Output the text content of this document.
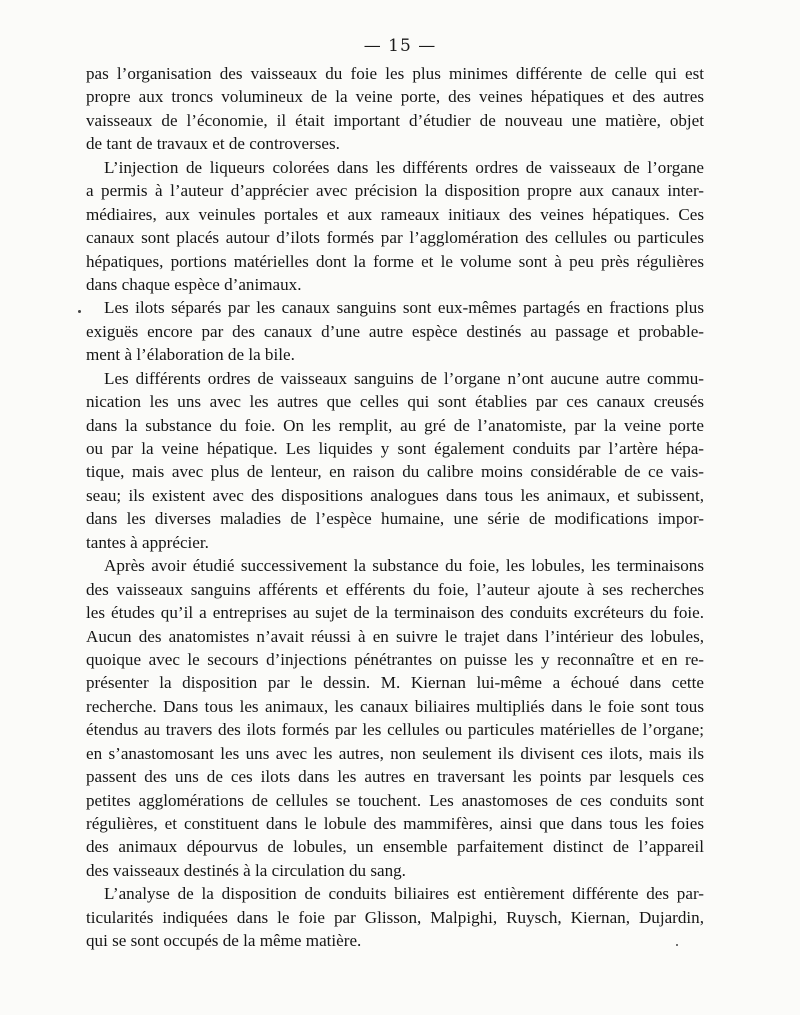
— 15 —
pas l’organisation des vaisseaux du foie les plus minimes différente de celle qui est
propre aux troncs volumineux de la veine porte, des veines hépatiques et des autres
vaisseaux de l’économie, il était important d’étudier de nouveau une matière, objet
de tant de travaux et de controverses.
L’injection de liqueurs colorées dans les différents ordres de vaisseaux de l’organe
a permis à l’auteur d’apprécier avec précision la disposition propre aux canaux inter-
médiaires, aux veinules portales et aux rameaux initiaux des veines hépatiques. Ces
canaux sont placés autour d’ilots formés par l’agglomération des cellules ou particules
hépatiques, portions matérielles dont la forme et le volume sont à peu près régulières
dans chaque espèce d’animaux.
Les ilots séparés par les canaux sanguins sont eux-mêmes partagés en fractions plus
exiguës encore par des canaux d’une autre espèce destinés au passage et probable-
ment à l’élaboration de la bile.
Les différents ordres de vaisseaux sanguins de l’organe n’ont aucune autre commu-
nication les uns avec les autres que celles qui sont établies par ces canaux creusés
dans la substance du foie. On les remplit, au gré de l’anatomiste, par la veine porte
ou par la veine hépatique. Les liquides y sont également conduits par l’artère hépa-
tique, mais avec plus de lenteur, en raison du calibre moins considérable de ce vais-
seau; ils existent avec des dispositions analogues dans tous les animaux, et subissent,
dans les diverses maladies de l’espèce humaine, une série de modifications impor-
tantes à apprécier.
Après avoir étudié successivement la substance du foie, les lobules, les terminaisons
des vaisseaux sanguins afférents et efférents du foie, l’auteur ajoute à ses recherches
les études qu’il a entreprises au sujet de la terminaison des conduits excréteurs du foie.
Aucun des anatomistes n’avait réussi à en suivre le trajet dans l’intérieur des lobules,
quoique avec le secours d’injections pénétrantes on puisse les y reconnaître et en re-
présenter la disposition par le dessin. M. Kiernan lui-même a échoué dans cette
recherche. Dans tous les animaux, les canaux biliaires multipliés dans le foie sont tous
étendus au travers des ilots formés par les cellules ou particules matérielles de l’organe;
en s’anastomosant les uns avec les autres, non seulement ils divisent ces ilots, mais ils
passent des uns de ces ilots dans les autres en traversant les points par lesquels ces
petites agglomérations de cellules se touchent. Les anastomoses de ces conduits sont
régulières, et constituent dans le lobule des mammifères, ainsi que dans tous les foies
des animaux dépourvus de lobules, un ensemble parfaitement distinct de l’appareil
des vaisseaux destinés à la circulation du sang.
L’analyse de la disposition de conduits biliaires est entièrement différente des par-
ticularités indiquées dans le foie par Glisson, Malpighi, Ruysch, Kiernan, Dujardin,
qui se sont occupés de la même matière.
